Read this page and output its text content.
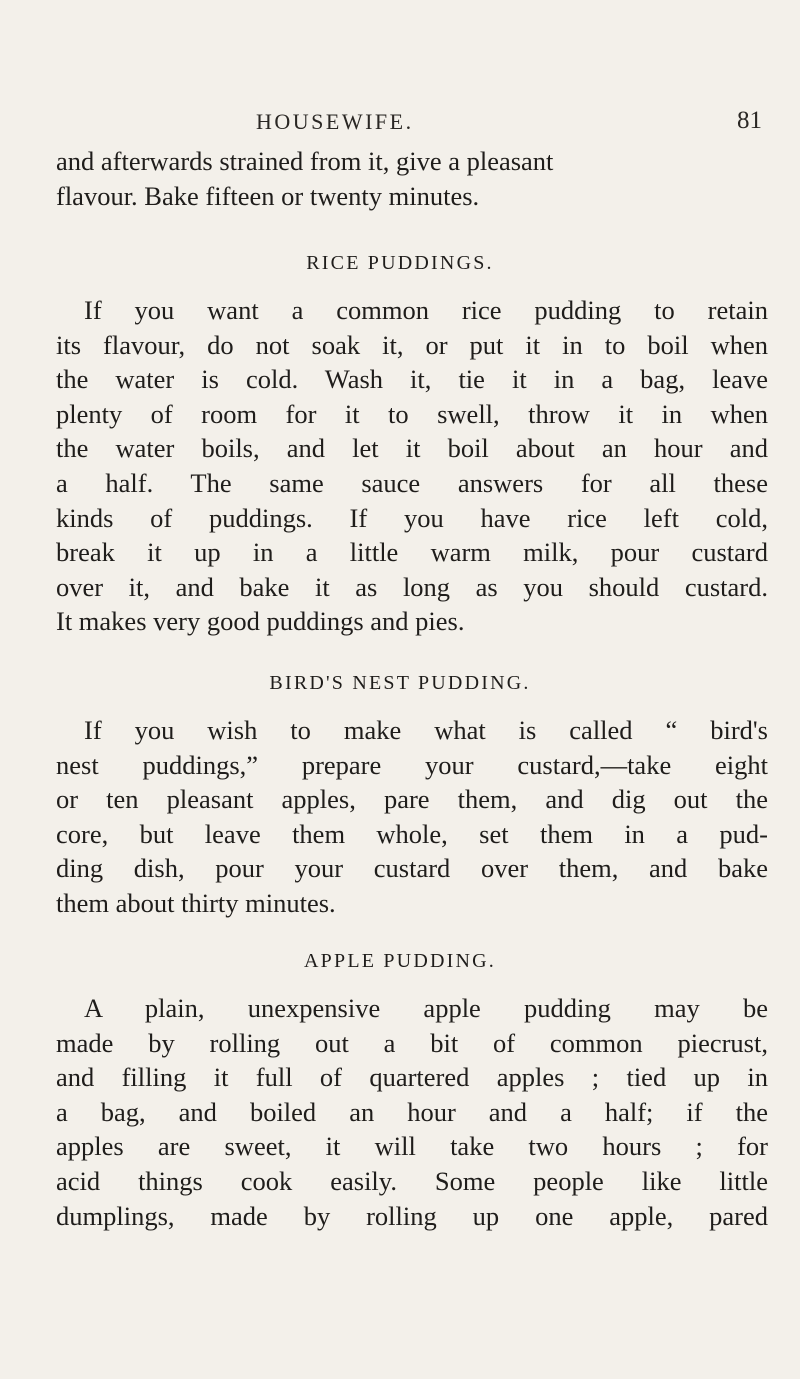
HOUSEWIFE.	81
and afterwards strained from it, give a pleasant
flavour. Bake fifteen or twenty minutes.
RICE PUDDINGS.
If you want a common rice pudding to retain
its flavour, do not soak it, or put it in to boil when
the water is cold. Wash it, tie it in a bag, leave
plenty of room for it to swell, throw it in when
the water boils, and let it boil about an hour and
a half. The same sauce answers for all these
kinds of puddings. If you have rice left cold,
break it up in a little warm milk, pour custard
over it, and bake it as long as you should custard.
It makes very good puddings and pies.
BIRD'S NEST PUDDING.
If you wish to make what is called “ bird's
nest puddings,” prepare your custard,—take eight
or ten pleasant apples, pare them, and dig out the
core, but leave them whole, set them in a pud-
ding dish, pour your custard over them, and bake
them about thirty minutes.
APPLE PUDDING.
A plain, unexpensive apple pudding may be
made by rolling out a bit of common piecrust,
and filling it full of quartered apples ; tied up in
a bag, and boiled an hour and a half; if the
apples are sweet, it will take two hours ; for
acid things cook easily. Some people like little
dumplings, made by rolling up one apple, pared
